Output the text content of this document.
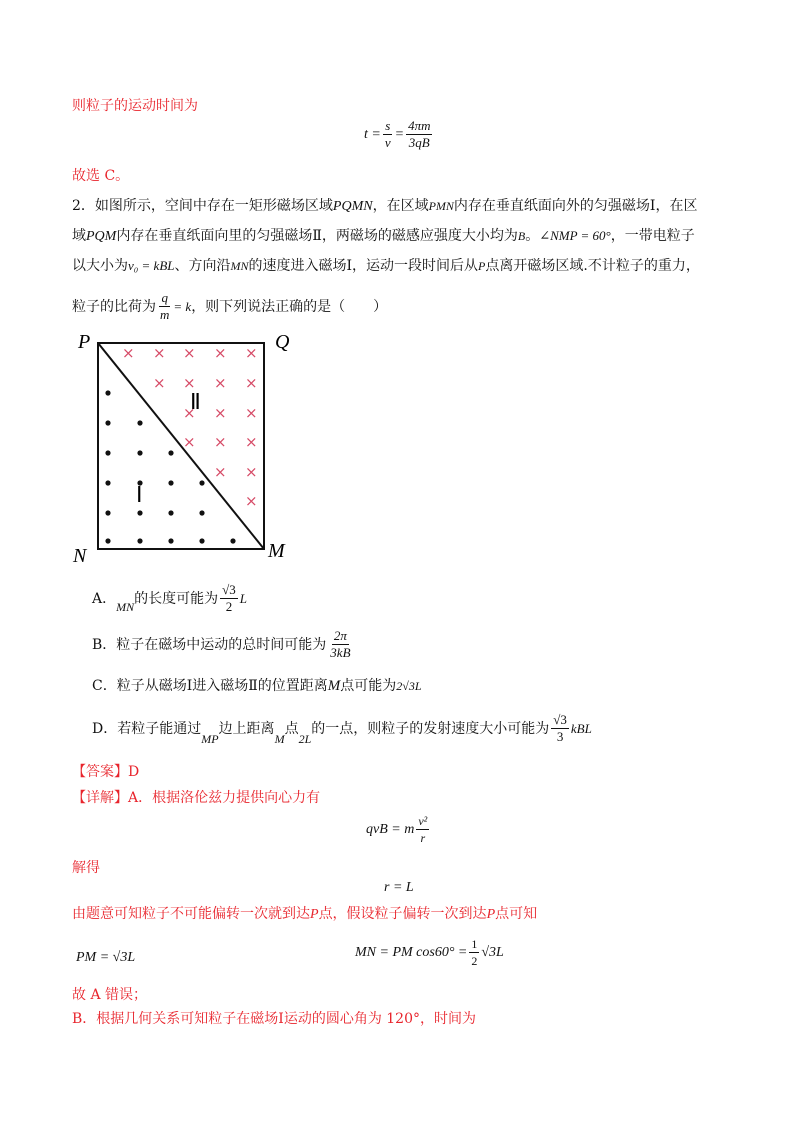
则粒子的运动时间为
$t = \frac{s}{v} = \frac{4\pi m}{3qB}$
故选 C。
2．如图所示，空间中存在一矩形磁场区域PQMN，在区域PMN内存在垂直纸面向外的匀强磁场Ⅰ，在区
域PQM内存在垂直纸面向里的匀强磁场Ⅱ，两磁场的磁感应强度大小均为B。∠NMP = 60°，一带电粒子
以大小为v₀ = kBL、方向沿MN的速度进入磁场Ⅰ，运动一段时间后从P点离开磁场区域.不计粒子的重力，
粒子的比荷为 $\frac{q}{m} = k$ ，则下列说法正确的是（　　）
× × × × ×
× × × ×
× × ×
× × ×
× ×
×
P	Q
N	M
Ⅱ
Ⅰ
A． MN 的长度可能为 $\frac{√3}{2}$ L
B．粒子在磁场中运动的总时间可能为 $\frac{2\pi}{3kB}$
C．粒子从磁场Ⅰ进入磁场Ⅱ的位置距离 M 点可能为 2√3L
D．若粒子能通过
MP
边上距离
M
点
2L
的一点，则粒子的发射速度大小可能为 $\frac{√3}{3}$ kBL
【答案】D
【详解】A．根据洛伦兹力提供向心力有
qvB = m $\frac{\text{v²}}{r}$
解得
r = L
由题意可知粒子不可能偏转一次就到达P点，假设粒子偏转一次到达P点可知
PM = √3L	MN = PM $\cos 60^\circ = \frac{1}{2} √3L$
故 A 错误；
B．根据几何关系可知粒子在磁场Ⅰ运动的圆心角为 120°，时间为
